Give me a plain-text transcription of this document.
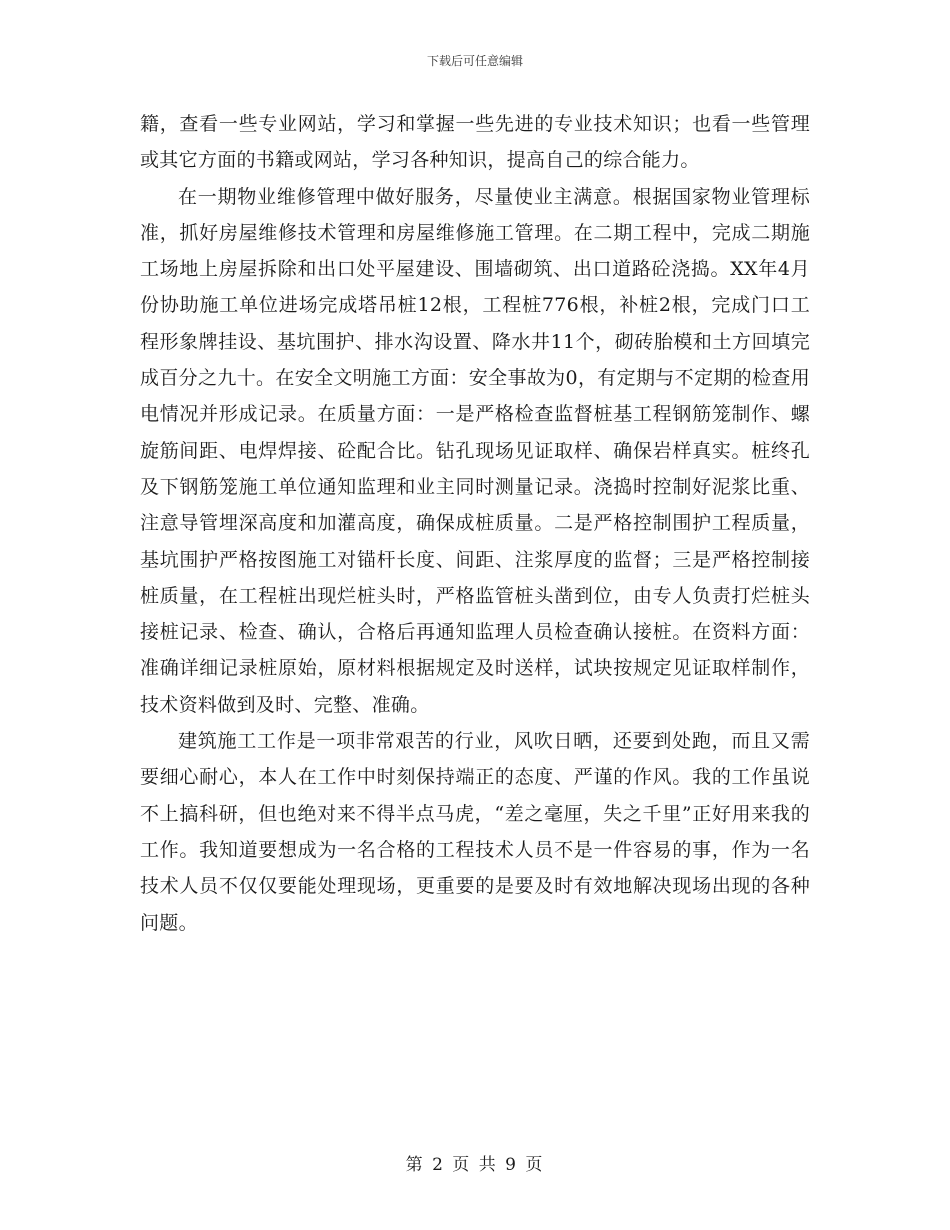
下载后可任意编辑

籍，查看一些专业网站，学习和掌握一些先进的专业技术知识；也看一些管理或其它方面的书籍或网站，学习各种知识，提高自己的综合能力。

在一期物业维修管理中做好服务，尽量使业主满意。根据国家物业管理标准，抓好房屋维修技术管理和房屋维修施工管理。在二期工程中，完成二期施工场地上房屋拆除和出口处平屋建设、围墙砌筑、出口道路砼浇捣。XX年4月份协助施工单位进场完成塔吊桩12根，工程桩776根，补桩2根，完成门口工程形象牌挂设、基坑围护、排水沟设置、降水井11个，砌砖胎模和土方回填完成百分之九十。在安全文明施工方面：安全事故为0，有定期与不定期的检查用电情况并形成记录。在质量方面：一是严格检查监督桩基工程钢筋笼制作、螺旋筋间距、电焊焊接、砼配合比。钻孔现场见证取样、确保岩样真实。桩终孔及下钢筋笼施工单位通知监理和业主同时测量记录。浇捣时控制好泥浆比重、注意导管埋深高度和加灌高度，确保成桩质量。二是严格控制围护工程质量，基坑围护严格按图施工对锚杆长度、间距、注浆厚度的监督；三是严格控制接桩质量，在工程桩出现烂桩头时，严格监管桩头凿到位，由专人负责打烂桩头接桩记录、检查、确认，合格后再通知监理人员检查确认接桩。在资料方面：准确详细记录桩原始，原材料根据规定及时送样，试块按规定见证取样制作，技术资料做到及时、完整、准确。

建筑施工工作是一项非常艰苦的行业，风吹日晒，还要到处跑，而且又需要细心耐心，本人在工作中时刻保持端正的态度、严谨的作风。我的工作虽说不上搞科研，但也绝对来不得半点马虎，“差之毫厘，失之千里”正好用来我的工作。我知道要想成为一名合格的工程技术人员不是一件容易的事，作为一名技术人员不仅仅要能处理现场，更重要的是要及时有效地解决现场出现的各种问题。

第 2 页 共 9 页
